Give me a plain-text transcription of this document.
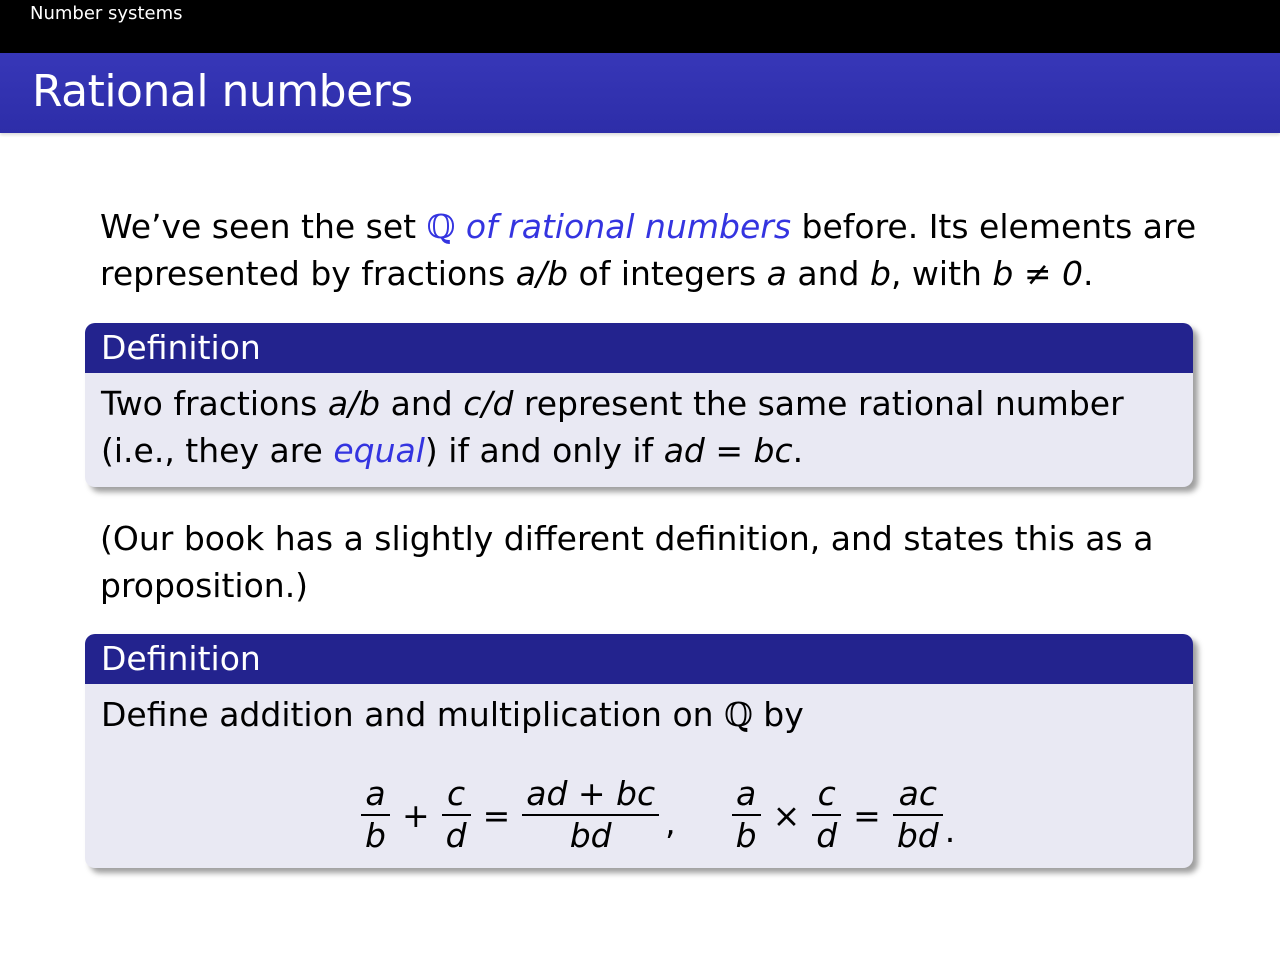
Number systems
Rational numbers
We’ve seen the set ℚ of rational numbers before. Its elements are
represented by fractions a/b of integers a and b, with b ≠ 0.
Definition
Two fractions a/b and c/d represent the same rational number
(i.e., they are equal) if and only if ad = bc.
(Our book has a slightly different definition, and states this as a
proposition.)
Definition
Define addition and multiplication on ℚ by
$\frac{a}{b} + \frac{c}{d} = \frac{ad + bc}{bd}$ , $\frac{a}{b} \times \frac{c}{d} = \frac{ac}{bd}$ .
